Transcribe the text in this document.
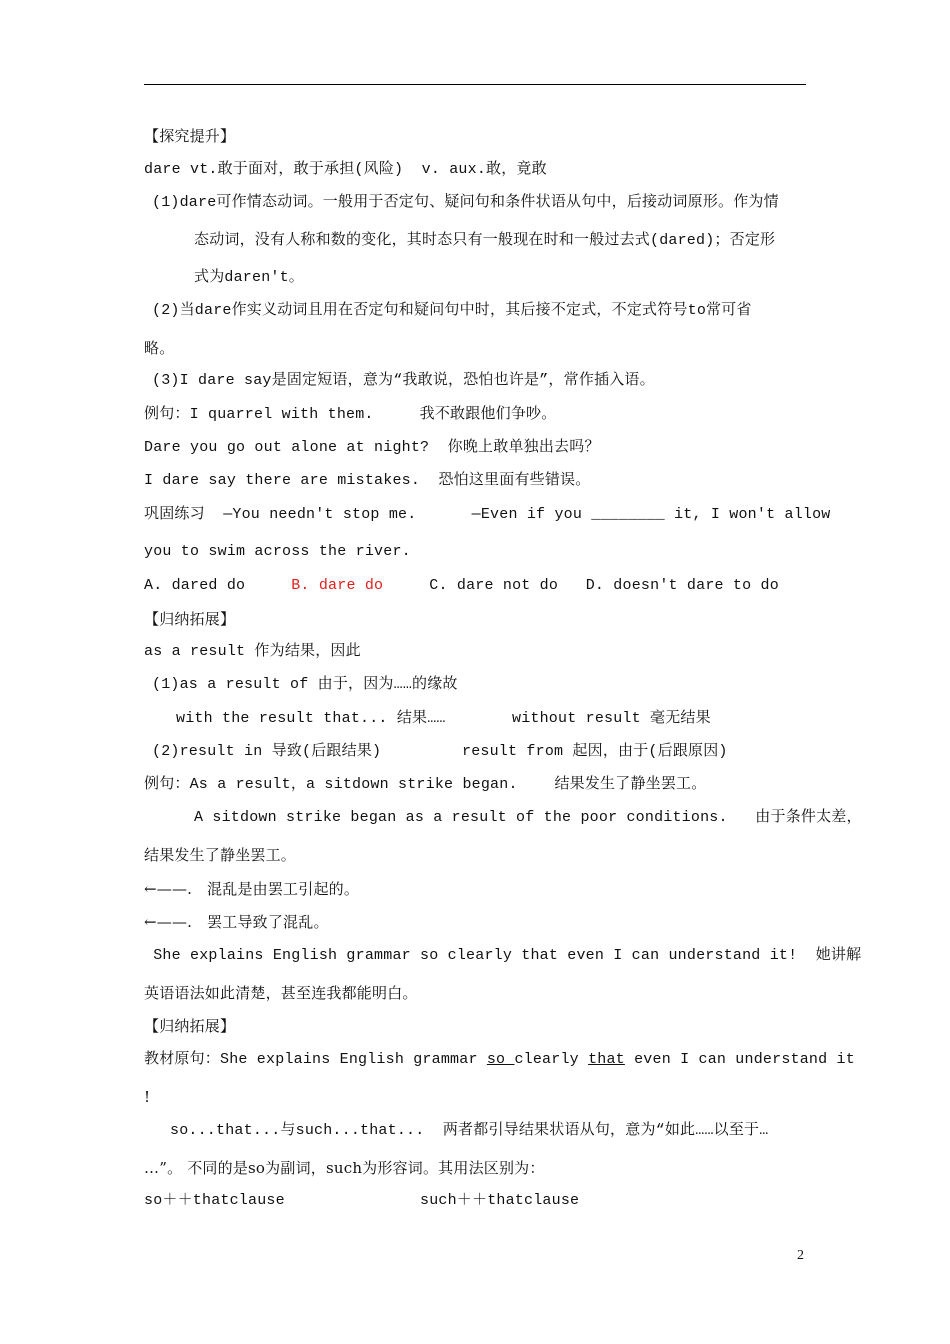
【探究提升】
dare vt.敢于面对，敢于承担(风险)  v. aux.敢，竟敢
(1)dare可作情态动词。一般用于否定句、疑问句和条件状语从句中，后接动词原形。作为情
态动词，没有人称和数的变化，其时态只有一般现在时和一般过去式(dared)；否定形
式为daren't。
(2)当dare作实义动词且用在否定句和疑问句中时，其后接不定式，不定式符号to常可省
略。
(3)I dare say是固定短语，意为“我敢说，恐怕也许是”，常作插入语。
例句：I quarrel with them.     我不敢跟他们争吵。
Dare you go out alone at night?  你晚上敢单独出去吗？
I dare say there are mistakes.  恐怕这里面有些错误。
巩固练习  —You needn't stop me.      —Even if you ________ it, I won't allow
you to swim across the river.
A. dared do	B. dare do	C. dare not do D. doesn't dare to do
【归纳拓展】
as a result 作为结果，因此
(1)as a result of 由于，因为……的缘故
with the result that... 结果……	without result 毫无结果
(2)result in 导致(后跟结果)	result from 起因，由于(后跟原因)
例句：As a result，a sitdown strike began.    结果发生了静坐罢工。
A sitdown strike began as a result of the poor conditions.   由于条件太差，
结果发生了静坐罢工。
←——.   混乱是由罢工引起的。
←——.   罢工导致了混乱。
She explains English grammar so clearly that even I can understand it!  她讲解
英语语法如此清楚，甚至连我都能明白。
【归纳拓展】
教材原句：She explains English grammar so clearly that even I can understand it
!
so...that...与such...that...  两者都引导结果状语从句，意为“如此……以至于…
…”。 不同的是so为副词，such为形容词。其用法区别为：
so＋＋thatclause	such＋＋thatclause
2
